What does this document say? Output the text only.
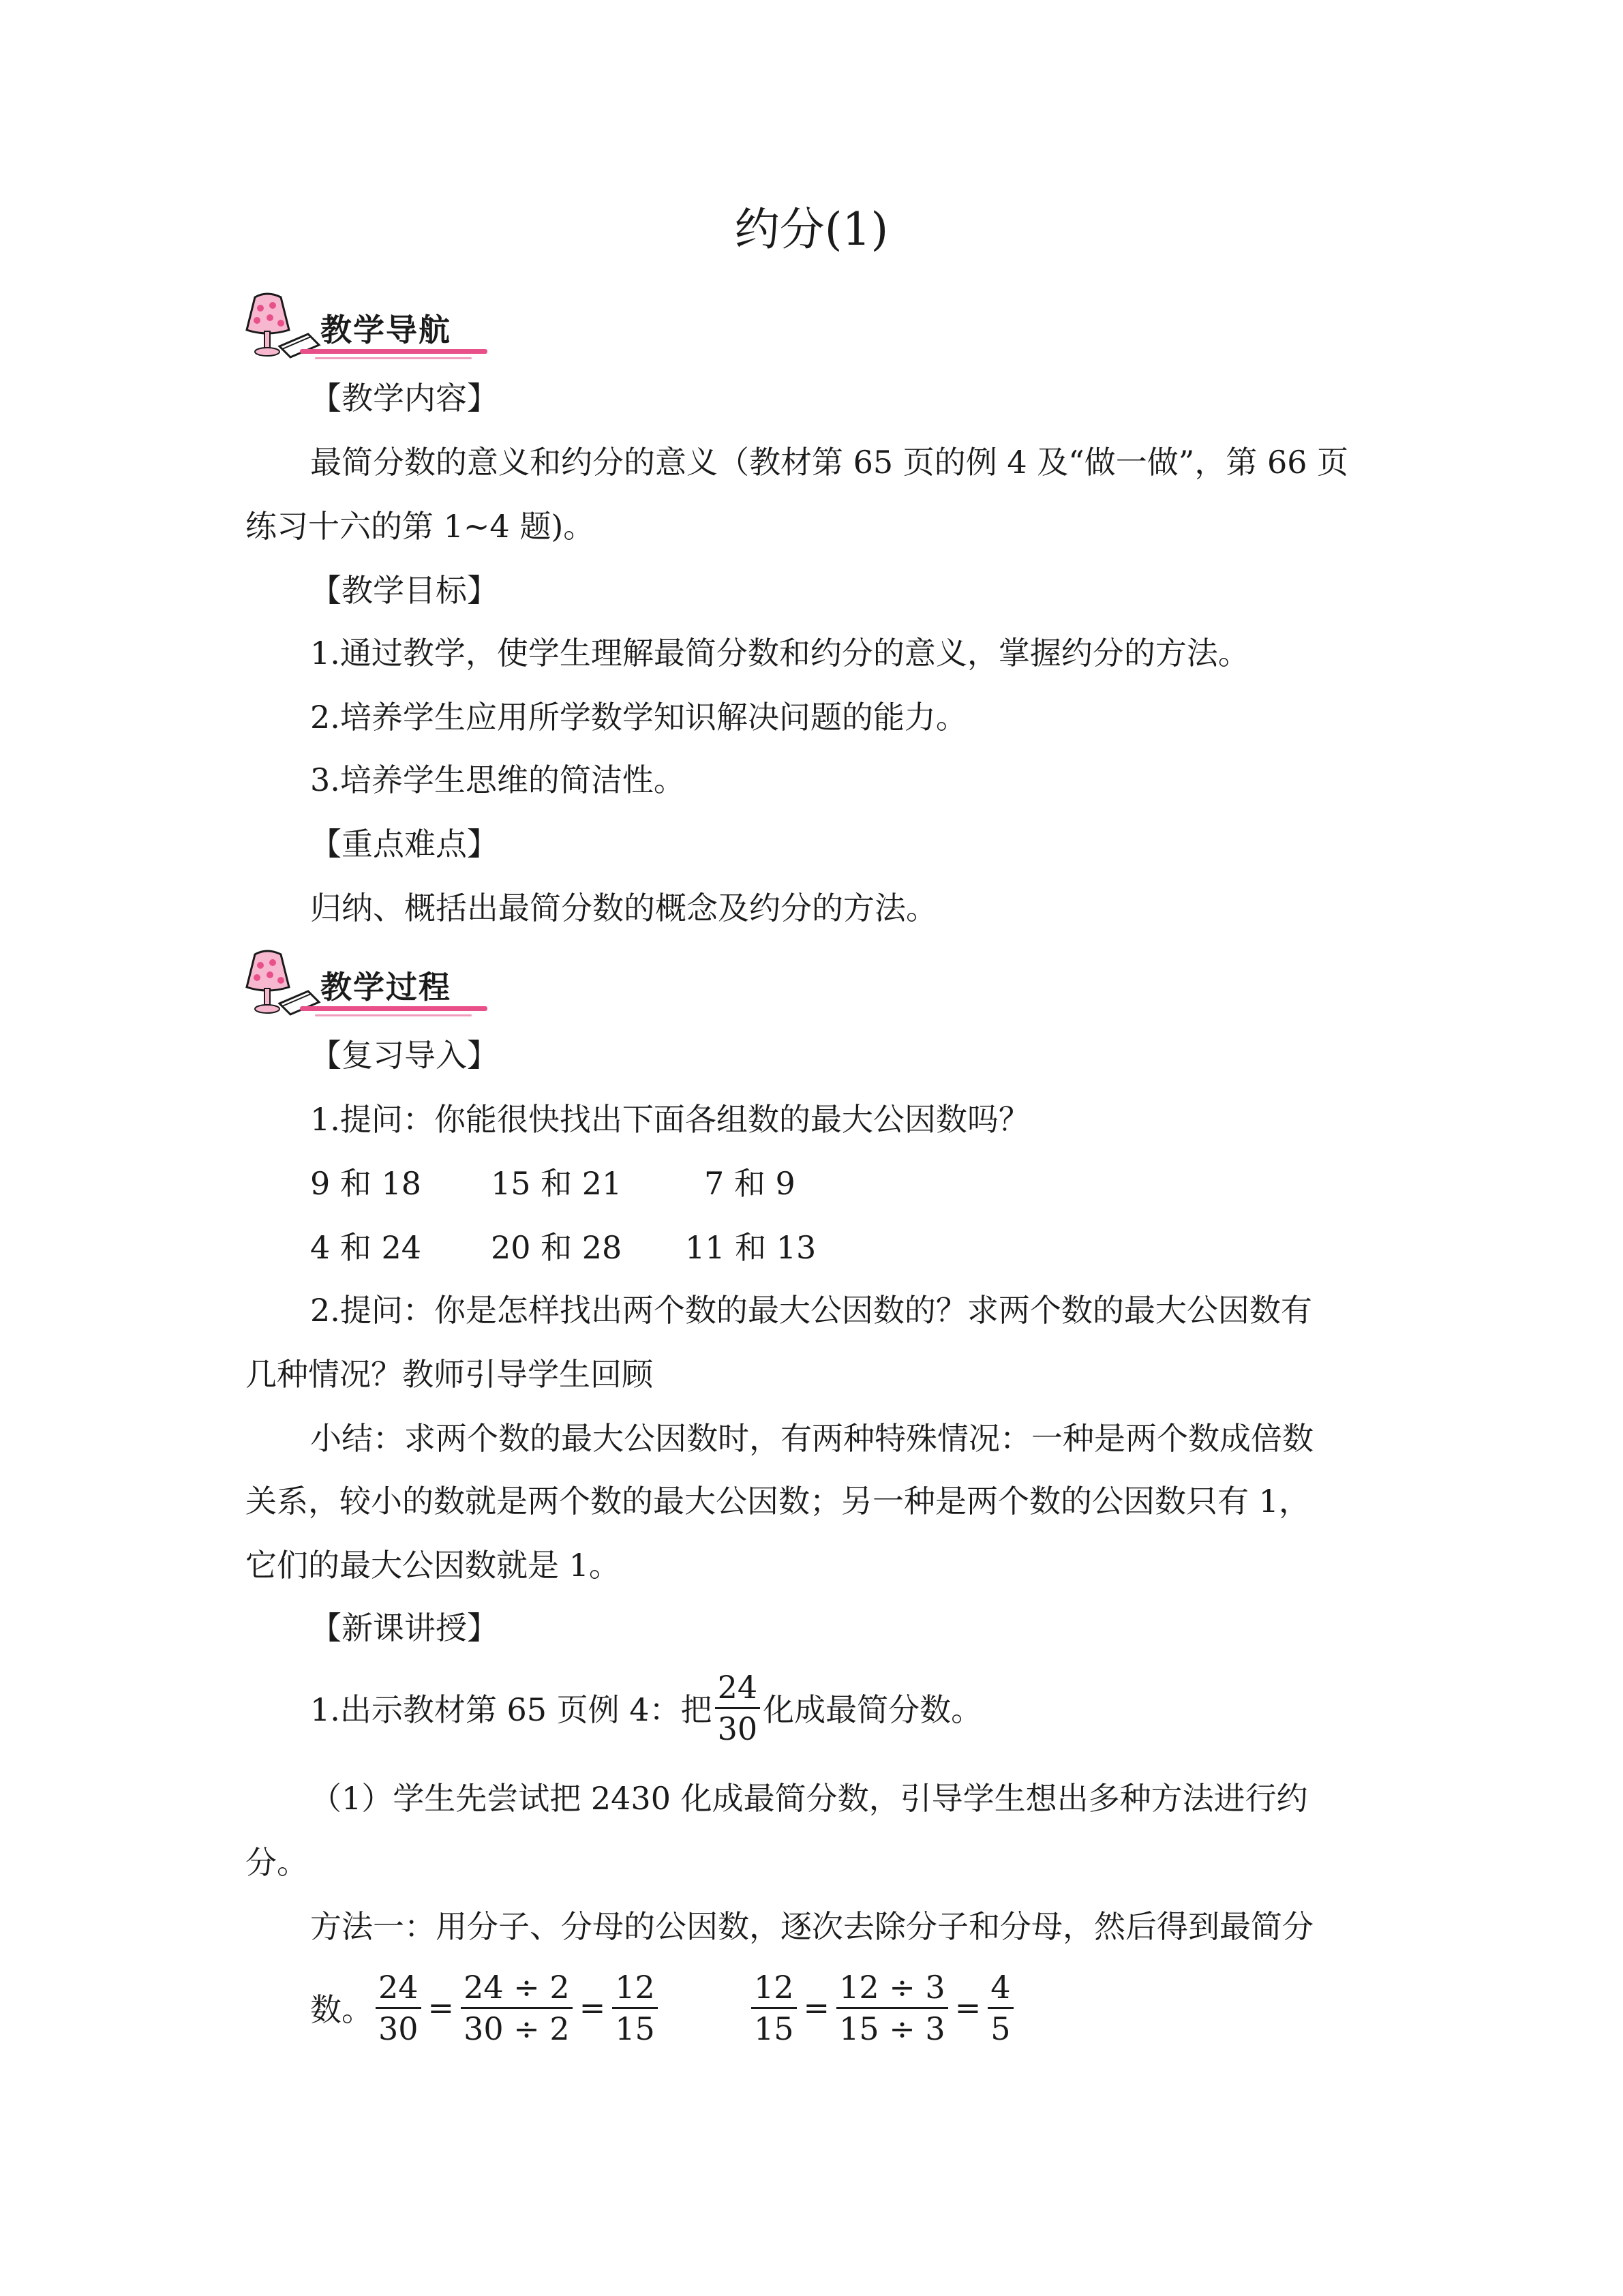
约分(1)
教学导航
【教学内容】
最简分数的意义和约分的意义（教材第 65 页的例 4 及“做一做”，第 66 页
练习十六的第 1~4 题)。
【教学目标】
1.通过教学，使学生理解最简分数和约分的意义，掌握约分的方法。
2.培养学生应用所学数学知识解决问题的能力。
3.培养学生思维的简洁性。
【重点难点】
归纳、概括出最简分数的概念及约分的方法。
教学过程
【复习导入】
1.提问：你能很快找出下面各组数的最大公因数吗？
9 和 18 15 和 21	7 和 9
4 和 24 20 和 28 11 和 13
2.提问：你是怎样找出两个数的最大公因数的？求两个数的最大公因数有
几种情况？教师引导学生回顾
小结：求两个数的最大公因数时，有两种特殊情况：一种是两个数成倍数
关系，较小的数就是两个数的最大公因数；另一种是两个数的公因数只有 1，
它们的最大公因数就是 1。
【新课讲授】
1.出示教材第 65 页例 4：把 $\frac{24}{30}$ 化成最简分数。
（1）学生先尝试把 2430 化成最简分数，引导学生想出多种方法进行约
分。
方法一：用分子、分母的公因数，逐次去除分子和分母，然后得到最简分
数。 $\frac{24}{30} = \frac{24 \div 2}{30 \div 2} = \frac{12}{15}$	$\frac{12}{15} = \frac{12 \div 3}{15 \div 3} = \frac{4}{5}$
